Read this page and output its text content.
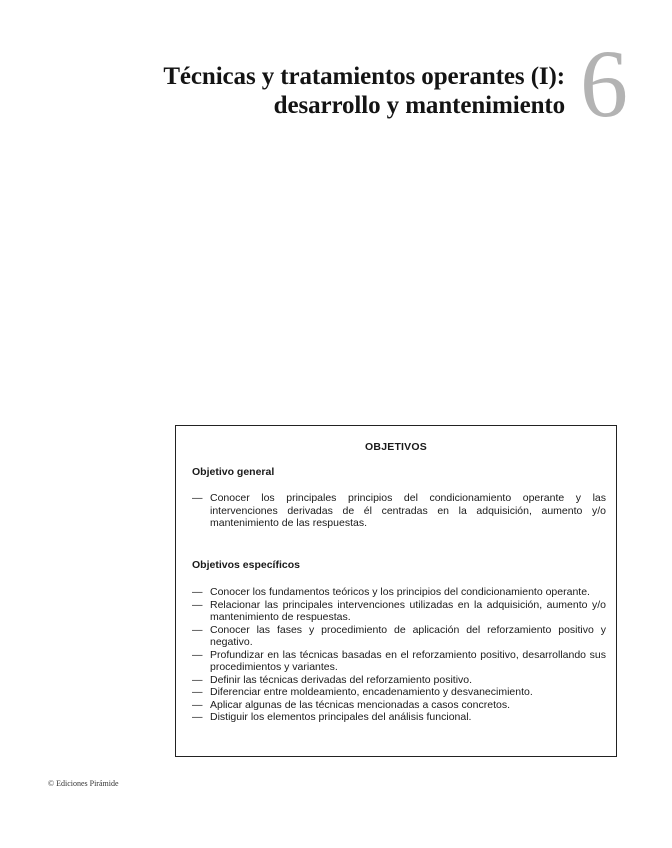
Técnicas y tratamientos operantes (I):
desarrollo y mantenimiento 6
OBJETIVOS
Objetivo general
— Conocer los principales principios del condicionamiento operante y las intervenciones derivadas de él centradas en la adquisición, aumento y/o mantenimiento de las respuestas.
Objetivos específicos
— Conocer los fundamentos teóricos y los principios del condicionamiento operante.
— Relacionar las principales intervenciones utilizadas en la adquisición, aumento y/o mantenimiento de respuestas.
— Conocer las fases y procedimiento de aplicación del reforzamiento positivo y negativo.
— Profundizar en las técnicas basadas en el reforzamiento positivo, desarrollando sus procedimientos y variantes.
— Definir las técnicas derivadas del reforzamiento positivo.
— Diferenciar entre moldeamiento, encadenamiento y desvanecimiento.
— Aplicar algunas de las técnicas mencionadas a casos concretos.
— Distiguir los elementos principales del análisis funcional.
© Ediciones Pirámide
